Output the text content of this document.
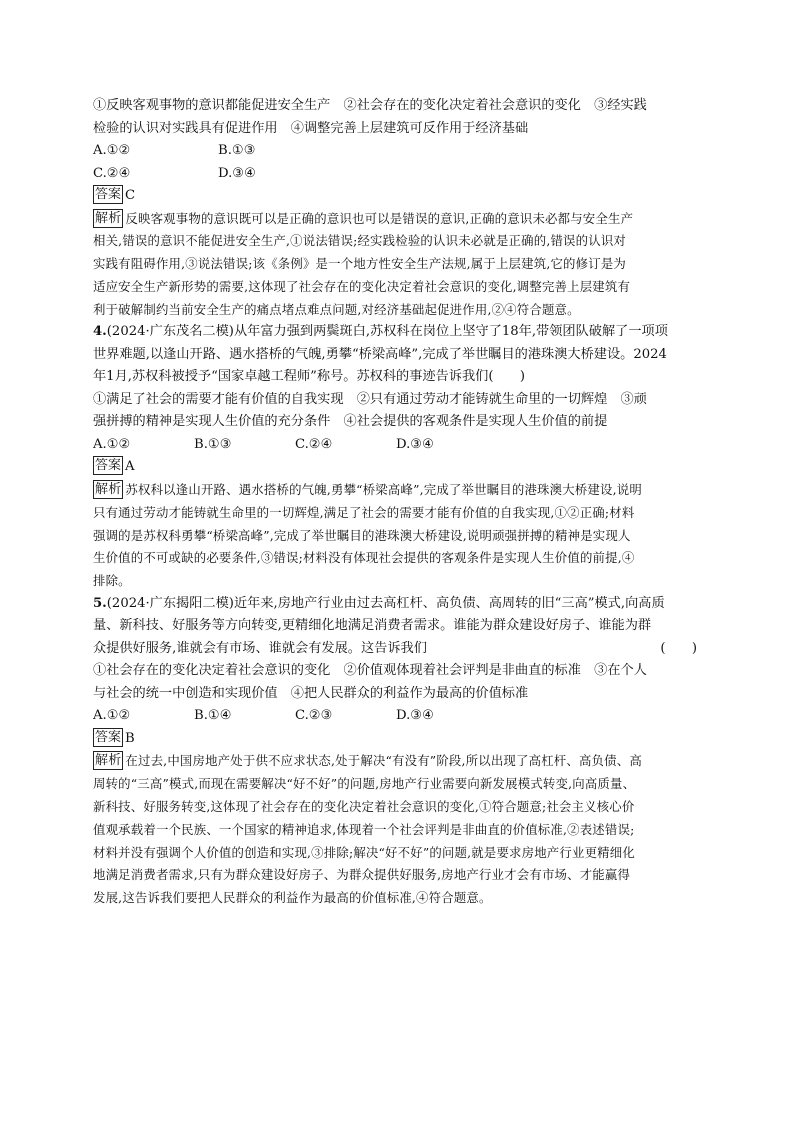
①反映客观事物的意识都能促进安全生产　②社会存在的变化决定着社会意识的变化　③经实践
检验的认识对实践具有促进作用　④调整完善上层建筑可反作用于经济基础
A.①②	B.①③
C.②④	D.③④
答案 C
解析 反映客观事物的意识既可以是正确的意识也可以是错误的意识,正确的意识未必都与安全生产
相关,错误的意识不能促进安全生产,①说法错误;经实践检验的认识未必就是正确的,错误的认识对
实践有阻碍作用,③说法错误;该《条例》是一个地方性安全生产法规,属于上层建筑,它的修订是为
适应安全生产新形势的需要,这体现了社会存在的变化决定着社会意识的变化,调整完善上层建筑有
利于破解制约当前安全生产的痛点堵点难点问题,对经济基础起促进作用,②④符合题意。
4.(2024·广东茂名二模)从年富力强到两鬓斑白,苏权科在岗位上坚守了18年,带领团队破解了一项项
世界难题,以逢山开路、遇水搭桥的气魄,勇攀“桥梁高峰”,完成了举世瞩目的港珠澳大桥建设。2024
年1月,苏权科被授予“国家卓越工程师”称号。苏权科的事迹告诉我们(　　)
①满足了社会的需要才能有价值的自我实现　②只有通过劳动才能铸就生命里的一切辉煌　③顽
强拼搏的精神是实现人生价值的充分条件　④社会提供的客观条件是实现人生价值的前提
A.①②	B.①③	C.②④	D.③④
答案 A
解析 苏权科以逢山开路、遇水搭桥的气魄,勇攀“桥梁高峰”,完成了举世瞩目的港珠澳大桥建设,说明
只有通过劳动才能铸就生命里的一切辉煌,满足了社会的需要才能有价值的自我实现,①②正确;材料
强调的是苏权科勇攀“桥梁高峰”,完成了举世瞩目的港珠澳大桥建设,说明顽强拼搏的精神是实现人
生价值的不可或缺的必要条件,③错误;材料没有体现社会提供的客观条件是实现人生价值的前提,④
排除。
5.(2024·广东揭阳二模)近年来,房地产行业由过去高杠杆、高负债、高周转的旧“三高”模式,向高质
量、新科技、好服务等方向转变,更精细化地满足消费者需求。谁能为群众建设好房子、谁能为群
众提供好服务,谁就会有市场、谁就会有发展。这告诉我们	(　　)
①社会存在的变化决定着社会意识的变化　②价值观体现着社会评判是非曲直的标准　③在个人
与社会的统一中创造和实现价值　④把人民群众的利益作为最高的价值标准
A.①②	B.①④	C.②③	D.③④
答案 B
解析 在过去,中国房地产处于供不应求状态,处于解决“有没有”阶段,所以出现了高杠杆、高负债、高
周转的“三高”模式,而现在需要解决“好不好”的问题,房地产行业需要向新发展模式转变,向高质量、
新科技、好服务转变,这体现了社会存在的变化决定着社会意识的变化,①符合题意;社会主义核心价
值观承载着一个民族、一个国家的精神追求,体现着一个社会评判是非曲直的价值标准,②表述错误;
材料并没有强调个人价值的创造和实现,③排除;解决“好不好”的问题,就是要求房地产行业更精细化
地满足消费者需求,只有为群众建设好房子、为群众提供好服务,房地产行业才会有市场、才能赢得
发展,这告诉我们要把人民群众的利益作为最高的价值标准,④符合题意。
